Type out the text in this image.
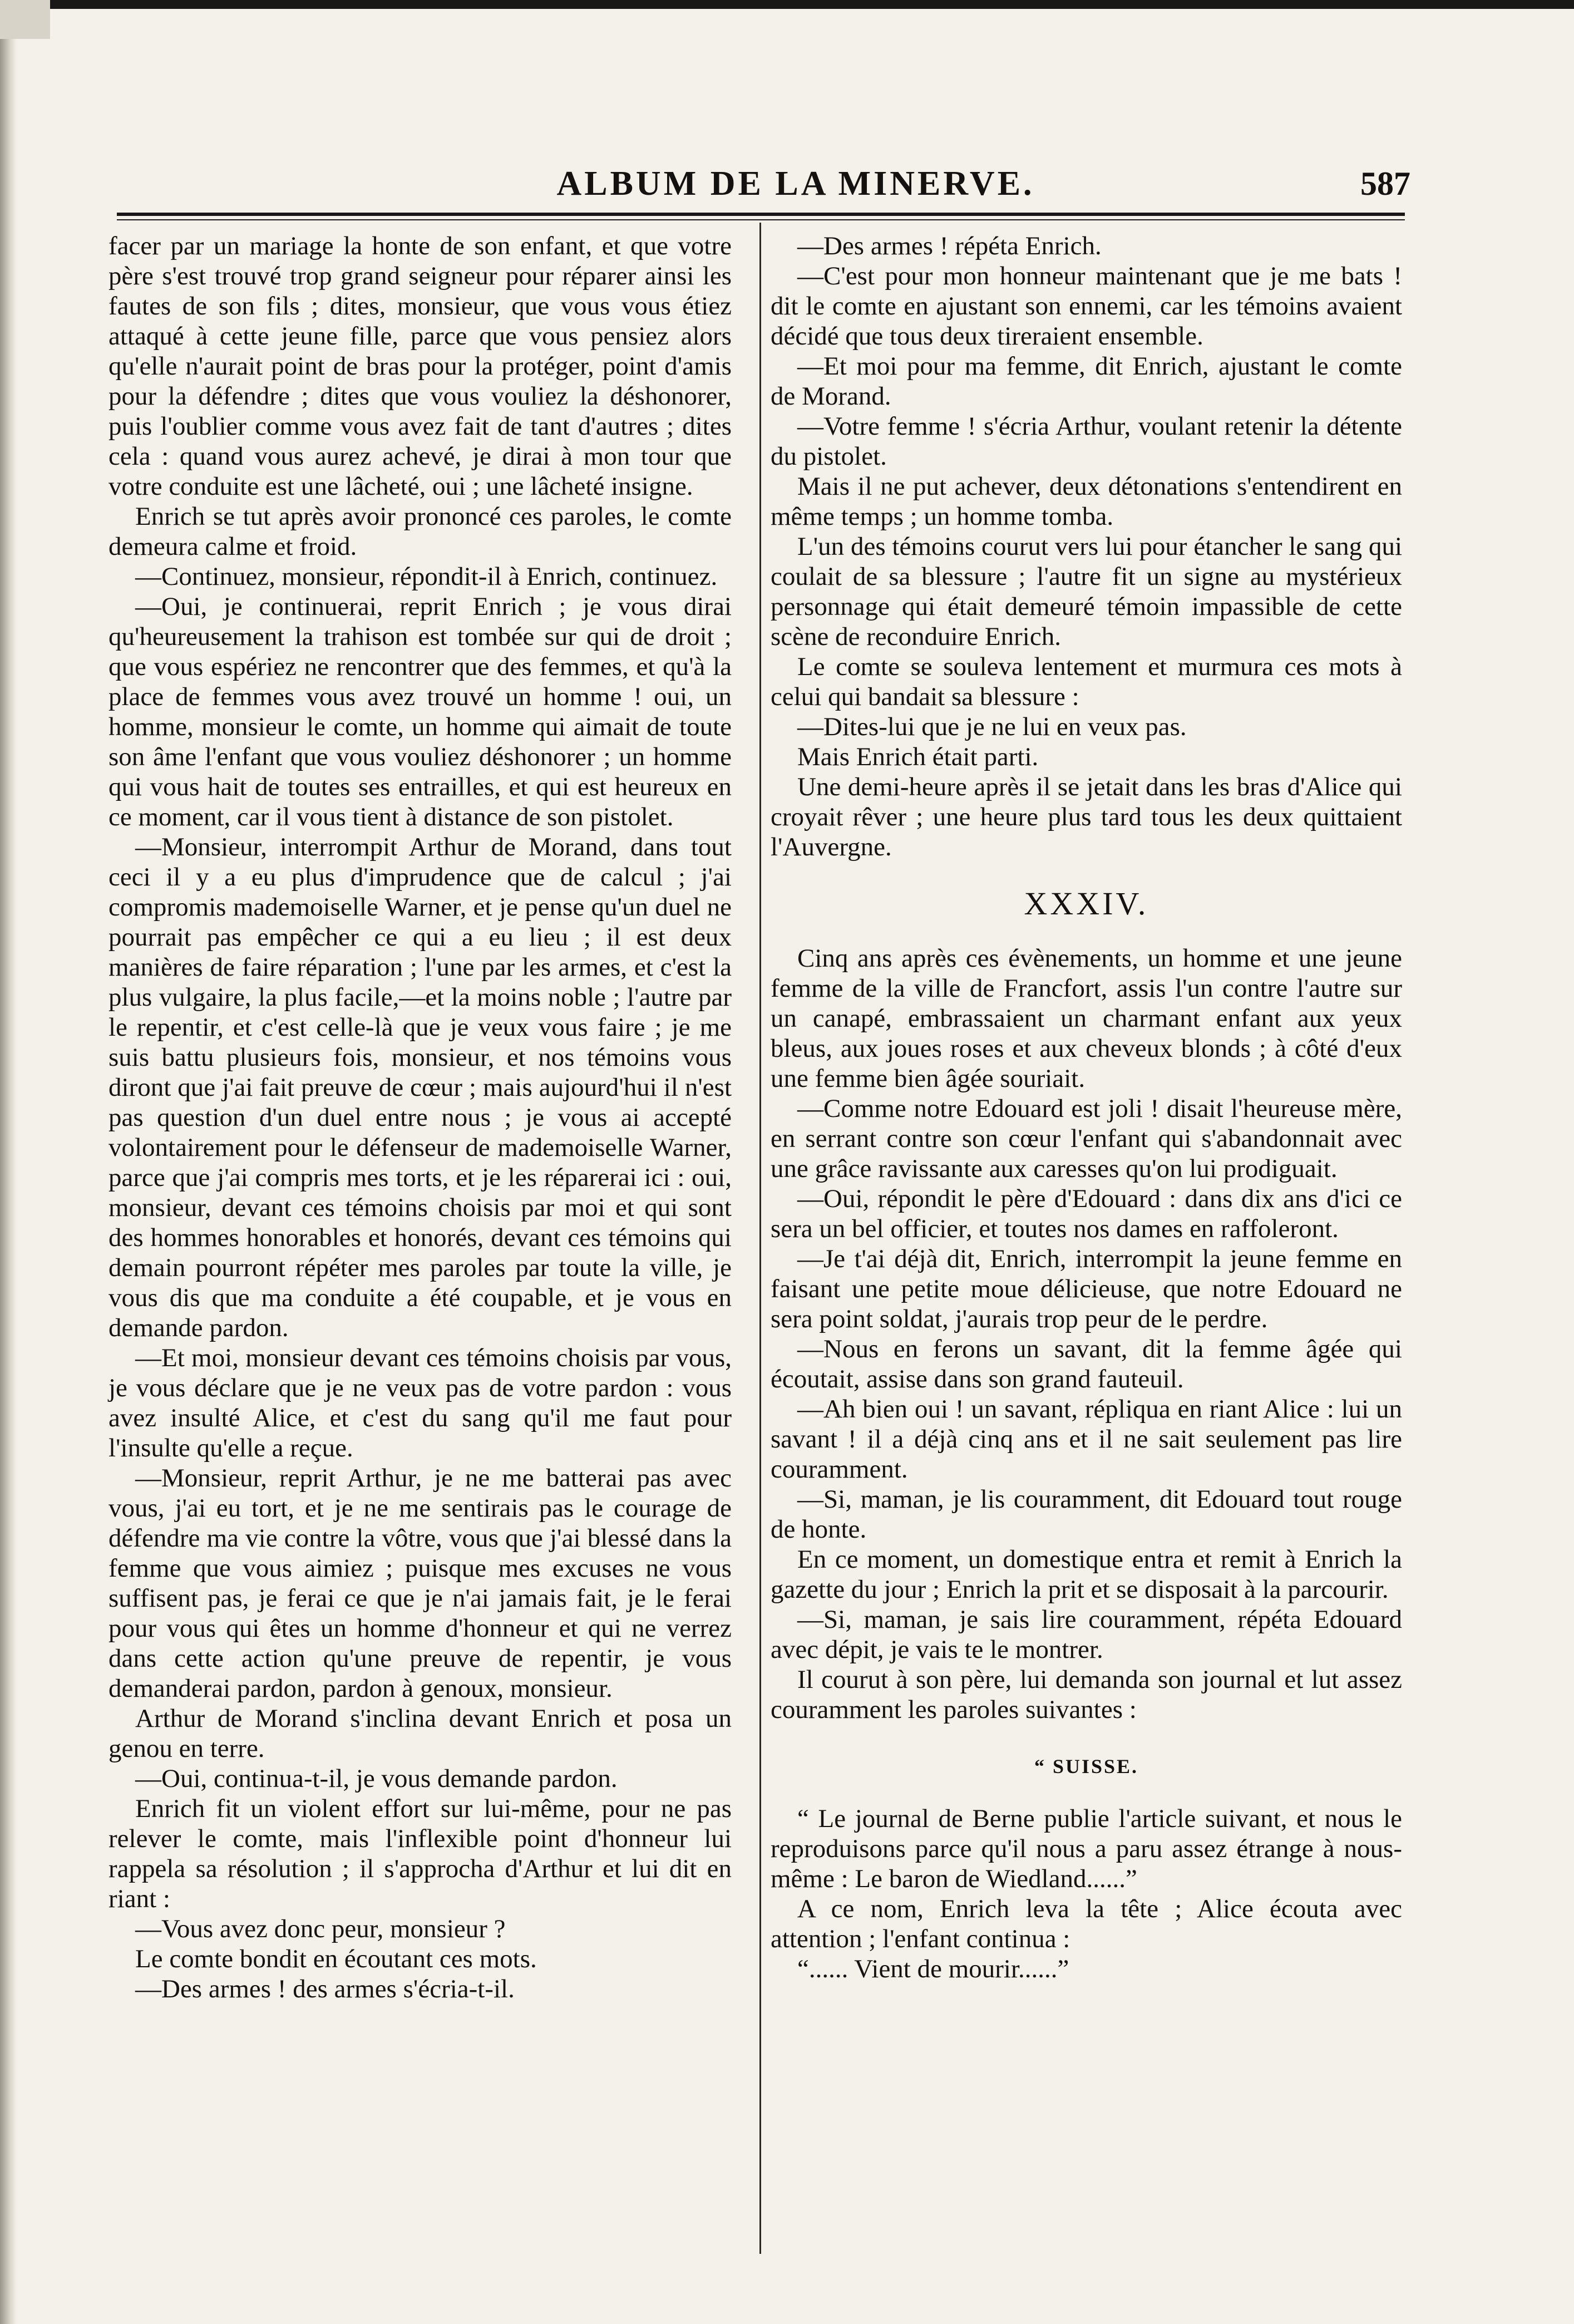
ALBUM DE LA MINERVE.	587

facer par un mariage la honte de son enfant, et que votre père s'est trouvé trop grand seigneur pour réparer ainsi les fautes de son fils ; dites, monsieur, que vous vous étiez attaqué à cette jeune fille, parce que vous pensiez alors qu'elle n'aurait point de bras pour la protéger, point d'amis pour la défendre ; dites que vous vouliez la déshonorer, puis l'oublier comme vous avez fait de tant d'autres ; dites cela : quand vous aurez achevé, je dirai à mon tour que votre conduite est une lâcheté, oui ; une lâcheté insigne.

Enrich se tut après avoir prononcé ces paroles, le comte demeura calme et froid.

—Continuez, monsieur, répondit-il à Enrich, continuez.

—Oui, je continuerai, reprit Enrich ; je vous dirai qu'heureusement la trahison est tombée sur qui de droit ; que vous espériez ne rencontrer que des femmes, et qu'à la place de femmes vous avez trouvé un homme ! oui, un homme, monsieur le comte, un homme qui aimait de toute son âme l'enfant que vous vouliez déshonorer ; un homme qui vous hait de toutes ses entrailles, et qui est heureux en ce moment, car il vous tient à distance de son pistolet.

—Monsieur, interrompit Arthur de Morand, dans tout ceci il y a eu plus d'imprudence que de calcul ; j'ai compromis mademoiselle Warner, et je pense qu'un duel ne pourrait pas empêcher ce qui a eu lieu ; il est deux manières de faire réparation ; l'une par les armes, et c'est la plus vulgaire, la plus facile,—et la moins noble ; l'autre par le repentir, et c'est celle-là que je veux vous faire ; je me suis battu plusieurs fois, monsieur, et nos témoins vous diront que j'ai fait preuve de cœur ; mais aujourd'hui il n'est pas question d'un duel entre nous ; je vous ai accepté volontairement pour le défenseur de mademoiselle Warner, parce que j'ai compris mes torts, et je les réparerai ici : oui, monsieur, devant ces témoins choisis par moi et qui sont des hommes honorables et honorés, devant ces témoins qui demain pourront répéter mes paroles par toute la ville, je vous dis que ma conduite a été coupable, et je vous en demande pardon.

—Et moi, monsieur devant ces témoins choisis par vous, je vous déclare que je ne veux pas de votre pardon : vous avez insulté Alice, et c'est du sang qu'il me faut pour l'insulte qu'elle a reçue.

—Monsieur, reprit Arthur, je ne me batterai pas avec vous, j'ai eu tort, et je ne me sentirais pas le courage de défendre ma vie contre la vôtre, vous que j'ai blessé dans la femme que vous aimiez ; puisque mes excuses ne vous suffisent pas, je ferai ce que je n'ai jamais fait, je le ferai pour vous qui êtes un homme d'honneur et qui ne verrez dans cette action qu'une preuve de repentir, je vous demanderai pardon, pardon à genoux, monsieur.

Arthur de Morand s'inclina devant Enrich et posa un genou en terre.

—Oui, continua-t-il, je vous demande pardon.

Enrich fit un violent effort sur lui-même, pour ne pas relever le comte, mais l'inflexible point d'honneur lui rappela sa résolution ; il s'approcha d'Arthur et lui dit en riant :

—Vous avez donc peur, monsieur ?

Le comte bondit en écoutant ces mots.

—Des armes ! des armes s'écria-t-il.

—Des armes ! répéta Enrich.

—C'est pour mon honneur maintenant que je me bats ! dit le comte en ajustant son ennemi, car les témoins avaient décidé que tous deux tireraient ensemble.

—Et moi pour ma femme, dit Enrich, ajustant le comte de Morand.

—Votre femme ! s'écria Arthur, voulant retenir la détente du pistolet.

Mais il ne put achever, deux détonations s'entendirent en même temps ; un homme tomba.

L'un des témoins courut vers lui pour étancher le sang qui coulait de sa blessure ; l'autre fit un signe au mystérieux personnage qui était demeuré témoin impassible de cette scène de reconduire Enrich.

Le comte se souleva lentement et murmura ces mots à celui qui bandait sa blessure :

—Dites-lui que je ne lui en veux pas.

Mais Enrich était parti.

Une demi-heure après il se jetait dans les bras d'Alice qui croyait rêver ; une heure plus tard tous les deux quittaient l'Auvergne.

XXXIV.

Cinq ans après ces évènements, un homme et une jeune femme de la ville de Francfort, assis l'un contre l'autre sur un canapé, embrassaient un charmant enfant aux yeux bleus, aux joues roses et aux cheveux blonds ; à côté d'eux une femme bien âgée souriait.

—Comme notre Edouard est joli ! disait l'heureuse mère, en serrant contre son cœur l'enfant qui s'abandonnait avec une grâce ravissante aux caresses qu'on lui prodiguait.

—Oui, répondit le père d'Edouard : dans dix ans d'ici ce sera un bel officier, et toutes nos dames en raffoleront.

—Je t'ai déjà dit, Enrich, interrompit la jeune femme en faisant une petite moue délicieuse, que notre Edouard ne sera point soldat, j'aurais trop peur de le perdre.

—Nous en ferons un savant, dit la femme âgée qui écoutait, assise dans son grand fauteuil.

—Ah bien oui ! un savant, répliqua en riant Alice : lui un savant ! il a déjà cinq ans et il ne sait seulement pas lire couramment.

—Si, maman, je lis couramment, dit Edouard tout rouge de honte.

En ce moment, un domestique entra et remit à Enrich la gazette du jour ; Enrich la prit et se disposait à la parcourir.

—Si, maman, je sais lire couramment, répéta Edouard avec dépit, je vais te le montrer.

Il courut à son père, lui demanda son journal et lut assez couramment les paroles suivantes :

“ SUISSE.

“ Le journal de Berne publie l'article suivant, et nous le reproduisons parce qu'il nous a paru assez étrange à nous-même : Le baron de Wiedland......”

A ce nom, Enrich leva la tête ; Alice écouta avec attention ; l'enfant continua :

“...... Vient de mourir......”
